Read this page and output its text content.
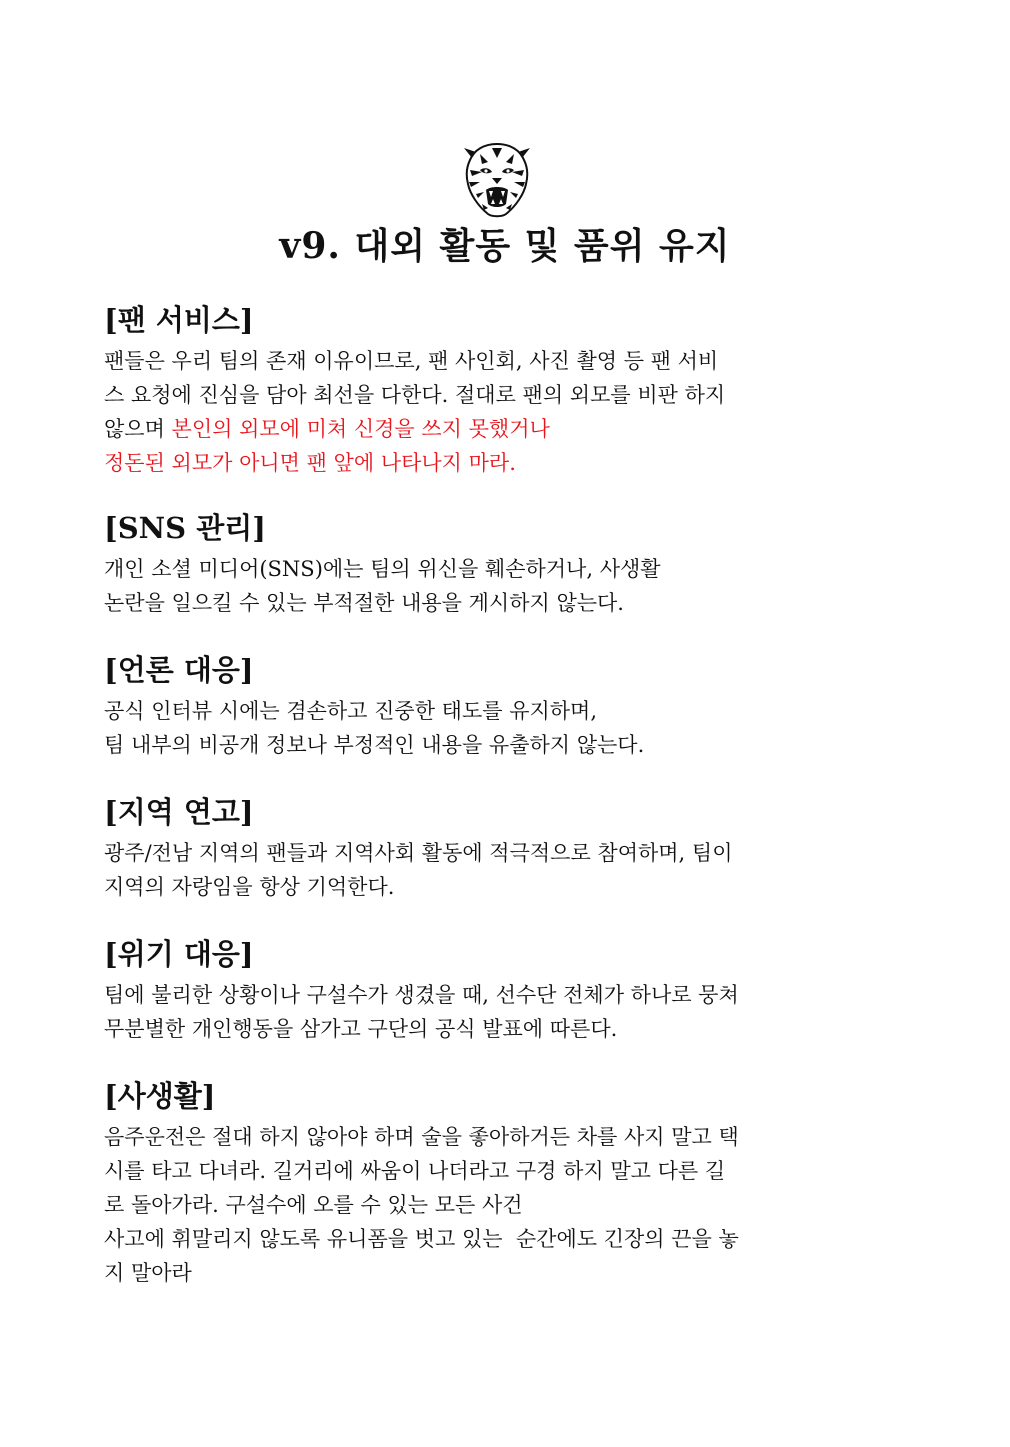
v9. 대외 활동 및 품위 유지
[팬 서비스]

팬들은 우리 팀의 존재 이유이므로, 팬 사인회, 사진 촬영 등 팬 서비
스 요청에 진심을 담아 최선을 다한다. 절대로 팬의 외모를 비판 하지
않으며 본인의 외모에 미쳐 신경을 쓰지 못했거나
정돈된 외모가 아니면 팬 앞에 나타나지 마라.

[SNS 관리]

개인 소셜 미디어(SNS)에는 팀의 위신을 훼손하거나, 사생활
논란을 일으킬 수 있는 부적절한 내용을 게시하지 않는다.

[언론 대응]

공식 인터뷰 시에는 겸손하고 진중한 태도를 유지하며,
팀 내부의 비공개 정보나 부정적인 내용을 유출하지 않는다.

[지역 연고]

광주/전남 지역의 팬들과 지역사회 활동에 적극적으로 참여하며, 팀이
지역의 자랑임을 항상 기억한다.

[위기 대응]

팀에 불리한 상황이나 구설수가 생겼을 때, 선수단 전체가 하나로 뭉쳐
무분별한 개인행동을 삼가고 구단의 공식 발표에 따른다.

[사생활]

음주운전은 절대 하지 않아야 하며 술을 좋아하거든 차를 사지 말고 택
시를 타고 다녀라. 길거리에 싸움이 나더라고 구경 하지 말고 다른 길
로 돌아가라. 구설수에 오를 수 있는 모든 사건
사고에 휘말리지 않도록 유니폼을 벗고 있는  순간에도 긴장의 끈을 놓
지 말아라
